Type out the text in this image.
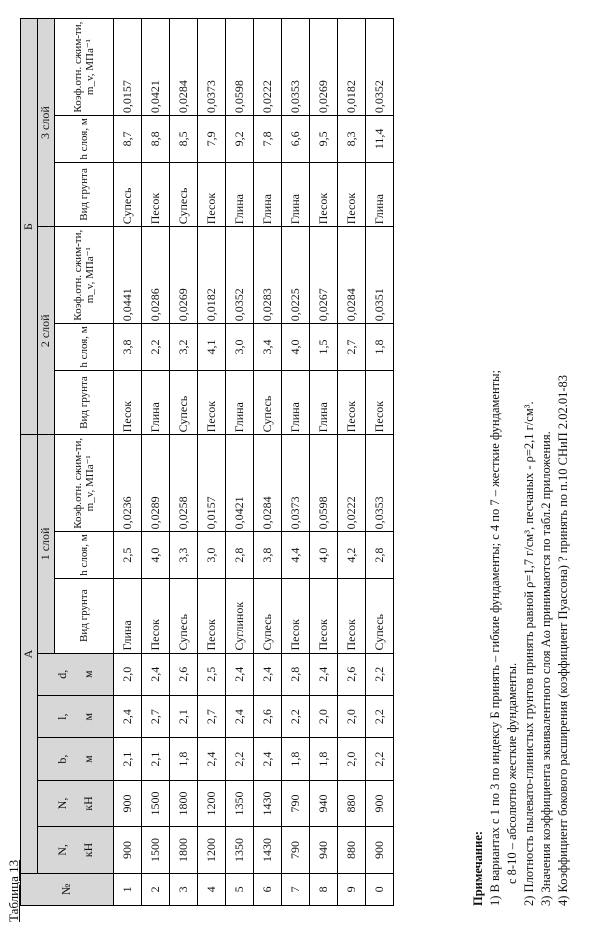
Таблица 13	№	А								Б					
	N, кН	N, кН	b, м	l, м	d, м	1 слой			2 слой			3 слой		
						Вид грунта	h слоя, м	Коэф.отн. сжим-ти, m_v, МПа⁻¹	Вид грунта	h слоя, м	Коэф.отн. сжим-ти, m_v, МПа⁻¹	Вид грунта	h слоя, м	Коэф.отн. сжим-ти, m_v, МПа⁻¹
1	900	900	2,1	2,4	2,0	Глина	2,5	0,0236	Песок	3,8	0,0441	Супесь	8,7	0,0157
2	1500	1500	2,1	2,7	2,4	Песок	4,0	0,0289	Глина	2,2	0,0286	Песок	8,8	0,0421
3	1800	1800	1,8	2,1	2,6	Супесь	3,3	0,0258	Супесь	3,2	0,0269	Супесь	8,5	0,0284
4	1200	1200	2,4	2,7	2,5	Песок	3,0	0,0157	Песок	4,1	0,0182	Песок	7,9	0,0373
5	1350	1350	2,2	2,4	2,4	Суглинок	2,8	0,0421	Глина	3,0	0,0352	Глина	9,2	0,0598
6	1430	1430	2,4	2,6	2,4	Супесь	3,8	0,0284	Супесь	3,4	0,0283	Глина	7,8	0,0222
7	790	790	1,8	2,2	2,8	Песок	4,4	0,0373	Глина	4,0	0,0225	Глина	6,6	0,0353
8	940	940	1,8	2,0	2,4	Песок	4,0	0,0598	Глина	1,5	0,0267	Песок	9,5	0,0269
9	880	880	2,0	2,0	2,6	Песок	4,2	0,0222	Песок	2,7	0,0284	Песок	8,3	0,0182
0	900	900	2,2	2,2	2,2	Супесь	2,8	0,0353	Песок	1,8	0,0351	Глина	11,4	0,0352
Примечание: 1) В вариантах с 1 по 3 по индексу Б принять – гибкие фундаменты; с 4 по 7 – жесткие фундаменты; с 8-10 – абсолютно жесткие фундаменты. 2) Плотность пылевато-глинистых грунтов принять равной ρ=1,7 г/см³, песчаных - ρ=2,1 г/см³. 3) Значения коэффициента эквивалентного слоя Аω принимаются по табл.2 приложения. 4) Коэффициент бокового расширения (коэффициент Пуассона) ? принять по п.10 СНиП 2.02.01-83
